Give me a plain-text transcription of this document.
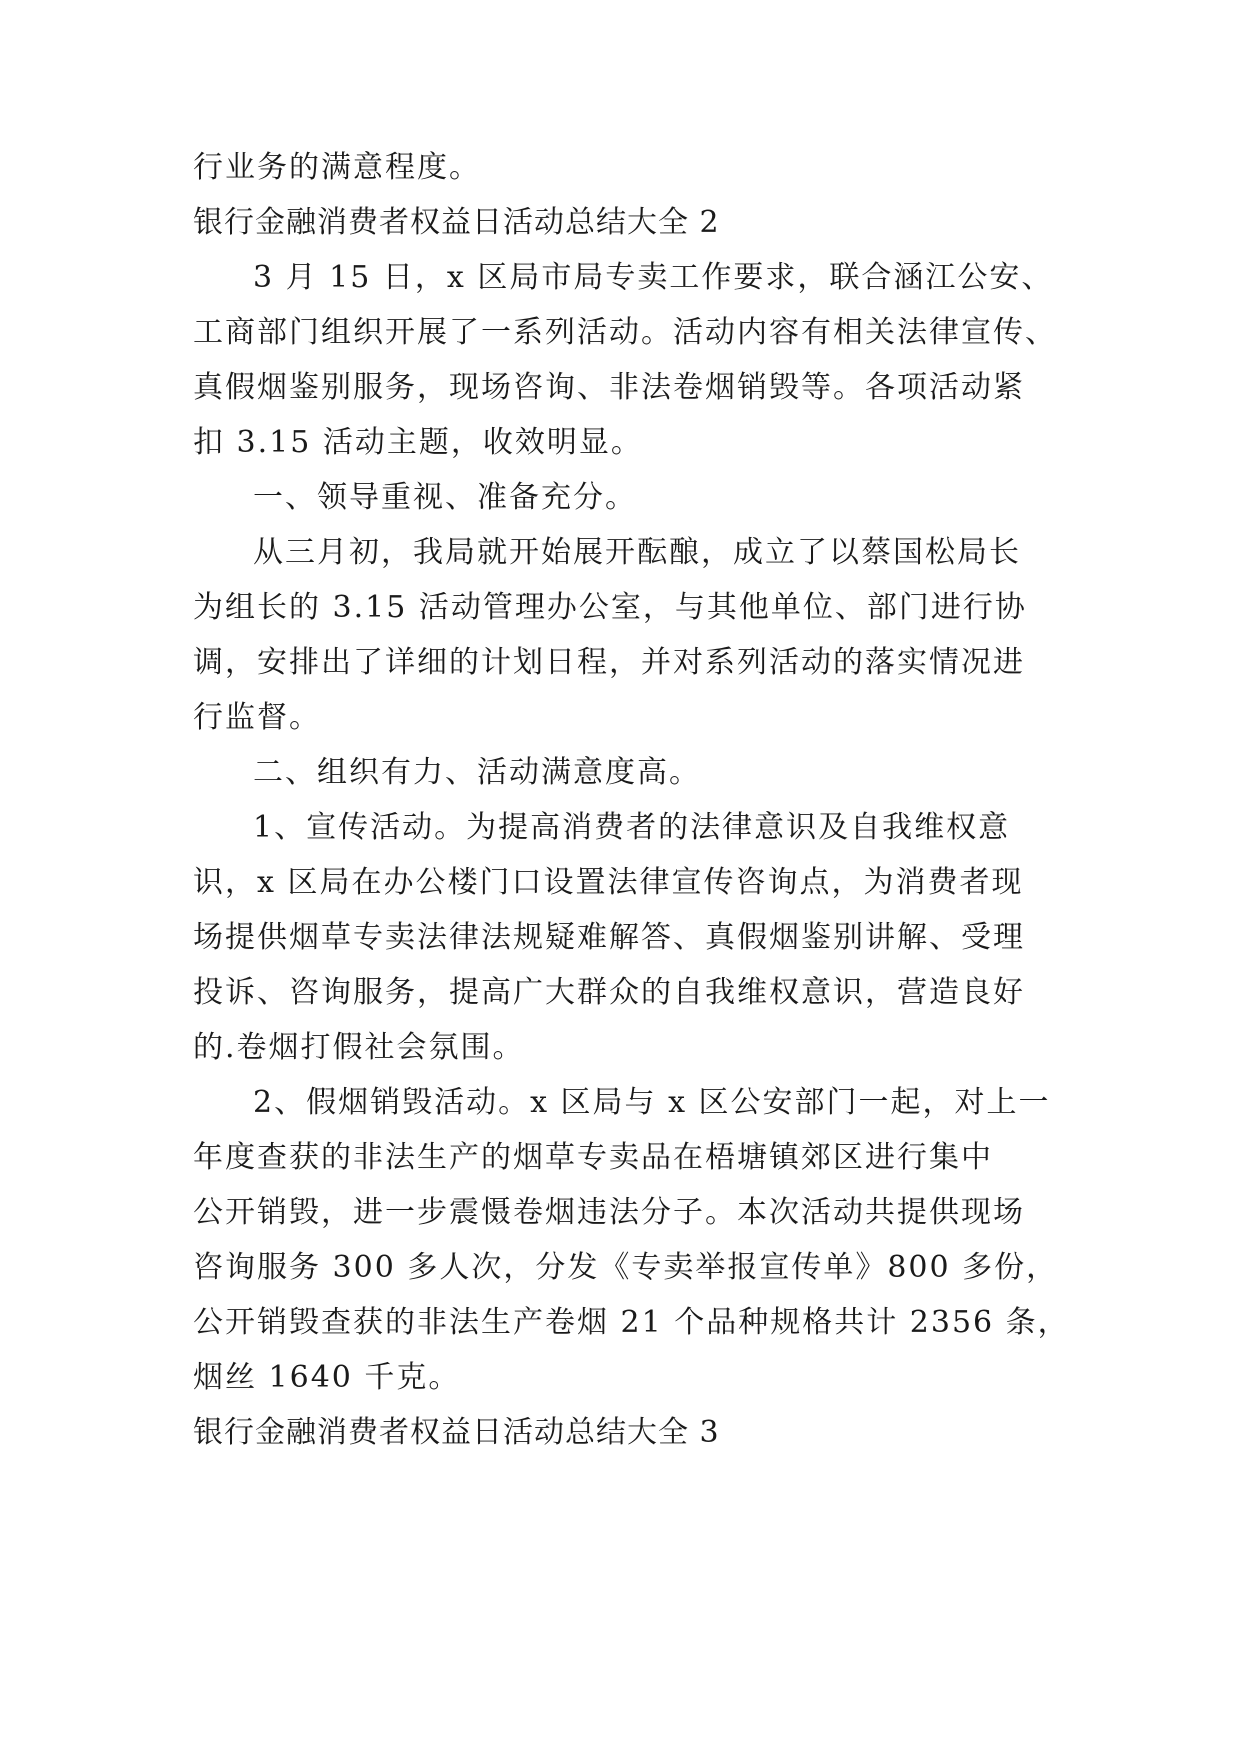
行业务的满意程度。
银行金融消费者权益日活动总结大全 2
3 月 15 日，x 区局市局专卖工作要求，联合涵江公安、
工商部门组织开展了一系列活动。活动内容有相关法律宣传、
真假烟鉴别服务，现场咨询、非法卷烟销毁等。各项活动紧
扣 3.15 活动主题，收效明显。
一、领导重视、准备充分。
从三月初，我局就开始展开酝酿，成立了以蔡国松局长
为组长的 3.15 活动管理办公室，与其他单位、部门进行协
调，安排出了详细的计划日程，并对系列活动的落实情况进
行监督。
二、组织有力、活动满意度高。
1、宣传活动。为提高消费者的法律意识及自我维权意
识，x 区局在办公楼门口设置法律宣传咨询点，为消费者现
场提供烟草专卖法律法规疑难解答、真假烟鉴别讲解、受理
投诉、咨询服务，提高广大群众的自我维权意识，营造良好
的.卷烟打假社会氛围。
2、假烟销毁活动。x 区局与 x 区公安部门一起，对上一
年度查获的非法生产的烟草专卖品在梧塘镇郊区进行集中
公开销毁，进一步震慑卷烟违法分子。本次活动共提供现场
咨询服务 300 多人次，分发《专卖举报宣传单》800 多份，
公开销毁查获的非法生产卷烟 21 个品种规格共计 2356 条，
烟丝 1640 千克。
银行金融消费者权益日活动总结大全 3
